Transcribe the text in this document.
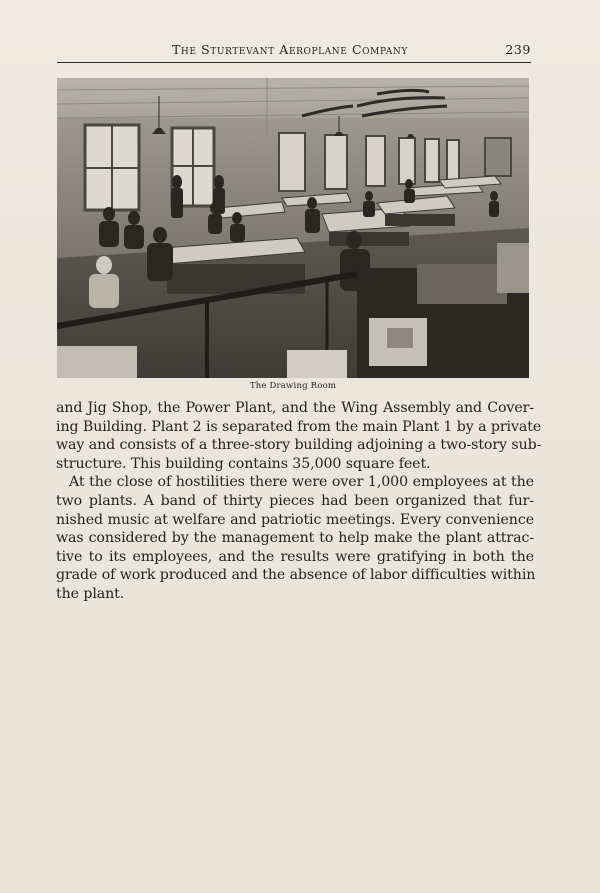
The Sturtevant Aeroplane Company	239
The Drawing Room

and Jig Shop, the Power Plant, and the Wing Assembly and Cover-
ing Building. Plant 2 is separated from the main Plant 1 by a private
way and consists of a three-story building adjoining a two-story sub-
structure. This building contains 35,000 square feet.

At the close of hostilities there were over 1,000 employees at the
two plants. A band of thirty pieces had been organized that fur-
nished music at welfare and patriotic meetings. Every convenience
was considered by the management to help make the plant attrac-
tive to its employees, and the results were gratifying in both the
grade of work produced and the absence of labor difficulties within
the plant.
